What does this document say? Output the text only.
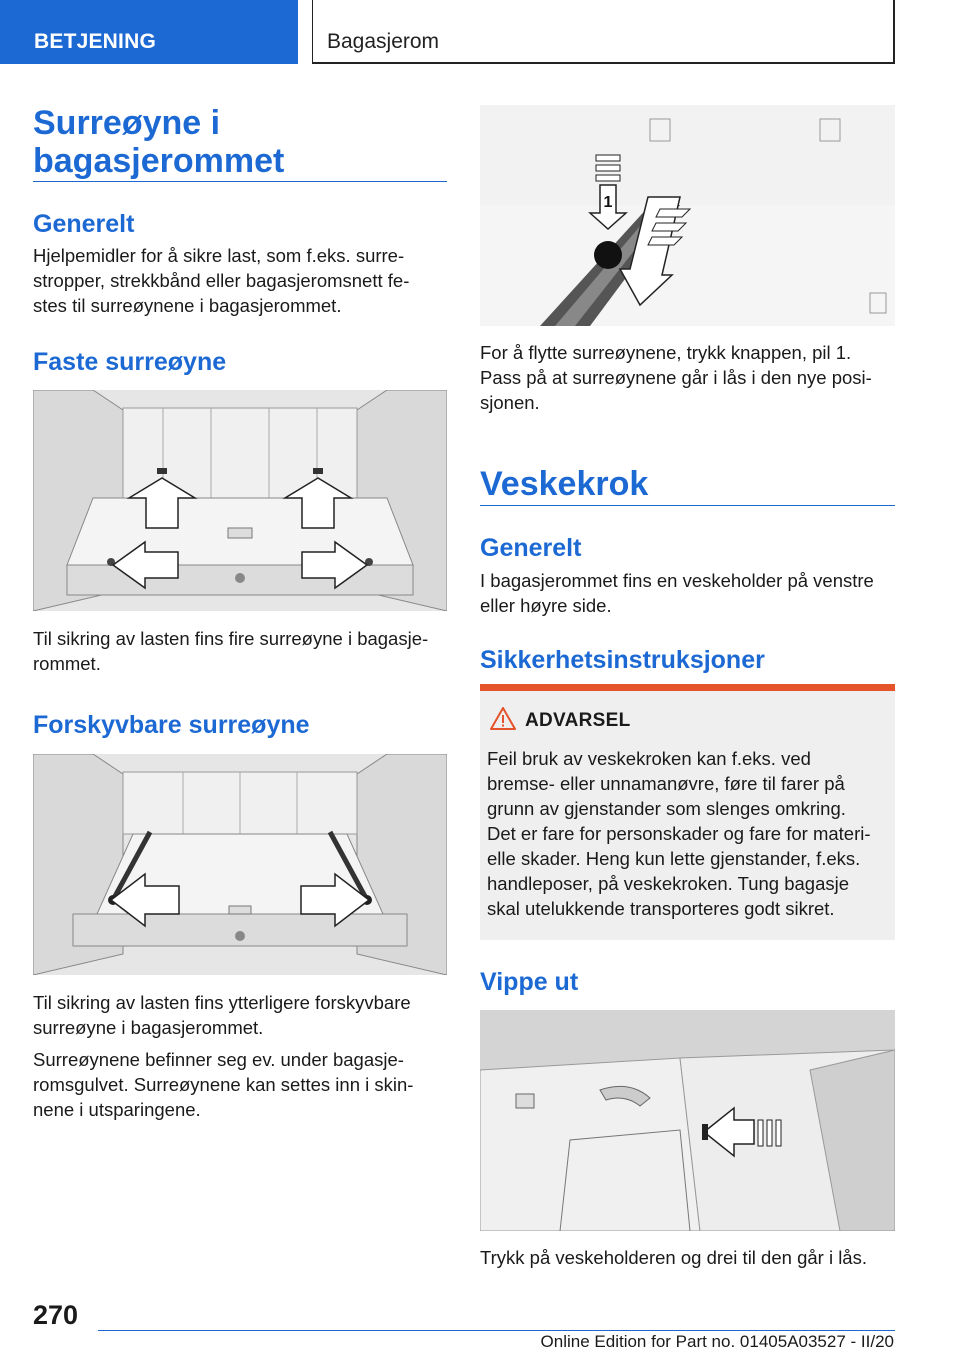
BETJENING	Bagasjerom
Surreøyne i
bagasjerommet
Generelt
Hjelpemidler for å sikre last, som f.eks. surre-
stropper, strekkbånd eller bagasjeromsnett fe-
stes til surreøynene i bagasjerommet.
Faste surreøyne
Til sikring av lasten fins fire surreøyne i bagasje-
rommet.
Forskyvbare surreøyne
Til sikring av lasten fins ytterligere forskyvbare
surreøyne i bagasjerommet.
Surreøynene befinner seg ev. under bagasje-
romsgulvet. Surreøynene kan settes inn i skin-
nene i utsparingene.
1
For å flytte surreøynene, trykk knappen, pil 1.
Pass på at surreøynene går i lås i den nye posi-
sjonen.
Veskekrok
Generelt
I bagasjerommet fins en veskeholder på venstre
eller høyre side.
Sikkerhetsinstruksjoner
ADVARSEL
Feil bruk av veskekroken kan f.eks. ved
bremse- eller unnamanøvre, føre til farer på
grunn av gjenstander som slenges omkring.
Det er fare for personskader og fare for materi-
elle skader. Heng kun lette gjenstander, f.eks.
handleposer, på veskekroken. Tung bagasje
skal utelukkende transporteres godt sikret.
Vippe ut
Trykk på veskeholderen og drei til den går i lås.
270
Online Edition for Part no. 01405A03527 - II/20
